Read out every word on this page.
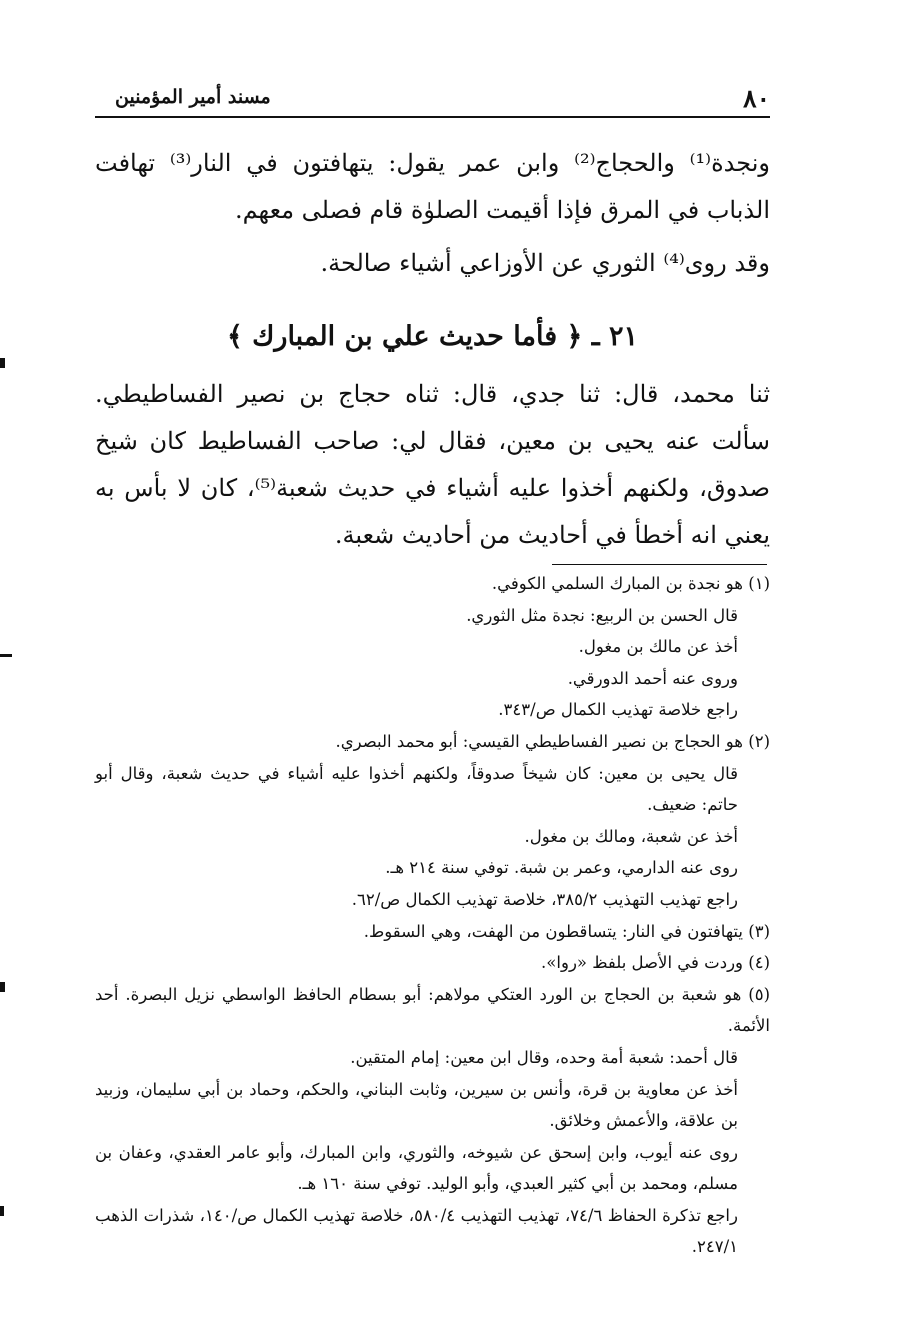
٨٠
مسند أمير المؤمنين

ونجدة⁽¹⁾ والحجاج⁽²⁾ وابن عمر يقول: يتهافتون في النار⁽³⁾ تهافت الذباب في المرق فإذا أقيمت الصلوٰة قام فصلى معهم.

وقد روى⁽⁴⁾ الثوري عن الأوزاعي أشياء صالحة.

٢١ ـ ﴿ فأما حديث علي بن المبارك ﴾

ثنا محمد، قال: ثنا جدي، قال: ثناه حجاج بن نصير الفساطيطي. سألت عنه يحيى بن معين، فقال لي: صاحب الفساطيط كان شيخ صدوق، ولكنهم أخذوا عليه أشياء في حديث شعبة⁽⁵⁾، كان لا بأس به يعني انه أخطأ في أحاديث من أحاديث شعبة.

(١) هو نجدة بن المبارك السلمي الكوفي.

قال الحسن بن الربيع: نجدة مثل الثوري.

أخذ عن مالك بن مغول.

وروى عنه أحمد الدورقي.

راجع خلاصة تهذيب الكمال ص/٣٤٣.

(٢) هو الحجاج بن نصير الفساطيطي القيسي: أبو محمد البصري.

قال يحيى بن معين: كان شيخاً صدوقاً، ولكنهم أخذوا عليه أشياء في حديث شعبة، وقال أبو حاتم: ضعيف.

أخذ عن شعبة، ومالك بن مغول.

روى عنه الدارمي، وعمر بن شبة. توفي سنة ٢١٤ هـ.

راجع تهذيب التهذيب ٣٨٥/٢، خلاصة تهذيب الكمال ص/٦٢.

(٣) يتهافتون في النار: يتساقطون من الهفت، وهي السقوط.

(٤) وردت في الأصل بلفظ «روا».

(٥) هو شعبة بن الحجاج بن الورد العتكي مولاهم: أبو بسطام الحافظ الواسطي نزيل البصرة. أحد الأئمة.

قال أحمد: شعبة أمة وحده، وقال ابن معين: إمام المتقين.

أخذ عن معاوية بن قرة، وأنس بن سيرين، وثابت البناني، والحكم، وحماد بن أبي سليمان، وزبيد بن علاقة، والأعمش وخلائق.

روى عنه أيوب، وابن إسحق عن شيوخه، والثوري، وابن المبارك، وأبو عامر العقدي، وعفان بن مسلم، ومحمد بن أبي كثير العبدي، وأبو الوليد. توفي سنة ١٦٠ هـ.

راجع تذكرة الحفاظ ٧٤/٦، تهذيب التهذيب ٥٨٠/٤، خلاصة تهذيب الكمال ص/١٤٠، شذرات الذهب ٢٤٧/١.
